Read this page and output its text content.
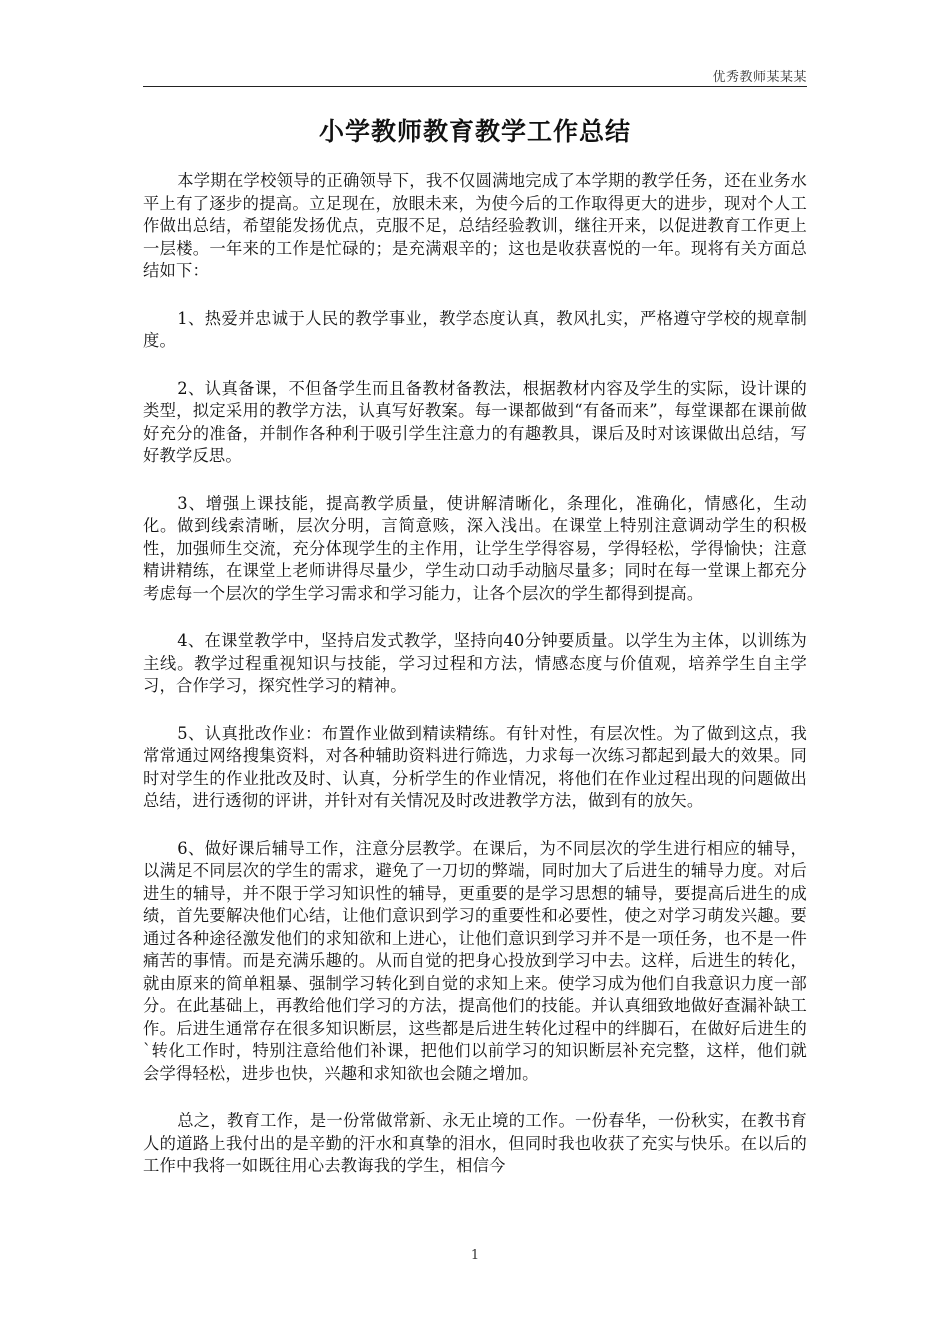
优秀教师某某某
小学教师教育教学工作总结

本学期在学校领导的正确领导下，我不仅圆满地完成了本学期的教学任务，还在业务水平上有了逐步的提高。立足现在，放眼未来，为使今后的工作取得更大的进步，现对个人工作做出总结，希望能发扬优点，克服不足，总结经验教训，继往开来，以促进教育工作更上一层楼。一年来的工作是忙碌的；是充满艰辛的；这也是收获喜悦的一年。现将有关方面总结如下：

1、热爱并忠诚于人民的教学事业，教学态度认真，教风扎实，严格遵守学校的规章制度。

2、认真备课，不但备学生而且备教材备教法，根据教材内容及学生的实际，设计课的类型，拟定采用的教学方法，认真写好教案。每一课都做到“有备而来”，每堂课都在课前做好充分的准备，并制作各种利于吸引学生注意力的有趣教具，课后及时对该课做出总结，写好教学反思。

3、增强上课技能，提高教学质量，使讲解清晰化，条理化，准确化，情感化，生动化。做到线索清晰，层次分明，言简意赅，深入浅出。在课堂上特别注意调动学生的积极性，加强师生交流，充分体现学生的主作用，让学生学得容易，学得轻松，学得愉快；注意精讲精练，在课堂上老师讲得尽量少，学生动口动手动脑尽量多；同时在每一堂课上都充分考虑每一个层次的学生学习需求和学习能力，让各个层次的学生都得到提高。

4、在课堂教学中，坚持启发式教学，坚持向40分钟要质量。以学生为主体，以训练为主线。教学过程重视知识与技能，学习过程和方法，情感态度与价值观，培养学生自主学习，合作学习，探究性学习的精神。

5、认真批改作业：布置作业做到精读精练。有针对性，有层次性。为了做到这点，我常常通过网络搜集资料，对各种辅助资料进行筛选，力求每一次练习都起到最大的效果。同时对学生的作业批改及时、认真，分析学生的作业情况，将他们在作业过程出现的问题做出总结，进行透彻的评讲，并针对有关情况及时改进教学方法，做到有的放矢。

6、做好课后辅导工作，注意分层教学。在课后，为不同层次的学生进行相应的辅导，以满足不同层次的学生的需求，避免了一刀切的弊端，同时加大了后进生的辅导力度。对后进生的辅导，并不限于学习知识性的辅导，更重要的是学习思想的辅导，要提高后进生的成绩，首先要解决他们心结，让他们意识到学习的重要性和必要性，使之对学习萌发兴趣。要通过各种途径激发他们的求知欲和上进心，让他们意识到学习并不是一项任务，也不是一件痛苦的事情。而是充满乐趣的。从而自觉的把身心投放到学习中去。这样，后进生的转化，就由原来的简单粗暴、强制学习转化到自觉的求知上来。使学习成为他们自我意识力度一部分。在此基础上，再教给他们学习的方法，提高他们的技能。并认真细致地做好查漏补缺工作。后进生通常存在很多知识断层，这些都是后进生转化过程中的绊脚石，在做好后进生的`转化工作时，特别注意给他们补课，把他们以前学习的知识断层补充完整，这样，他们就会学得轻松，进步也快，兴趣和求知欲也会随之增加。

总之，教育工作，是一份常做常新、永无止境的工作。一份春华，一份秋实，在教书育人的道路上我付出的是辛勤的汗水和真挚的泪水，但同时我也收获了充实与快乐。在以后的工作中我将一如既往用心去教诲我的学生，相信今

1
